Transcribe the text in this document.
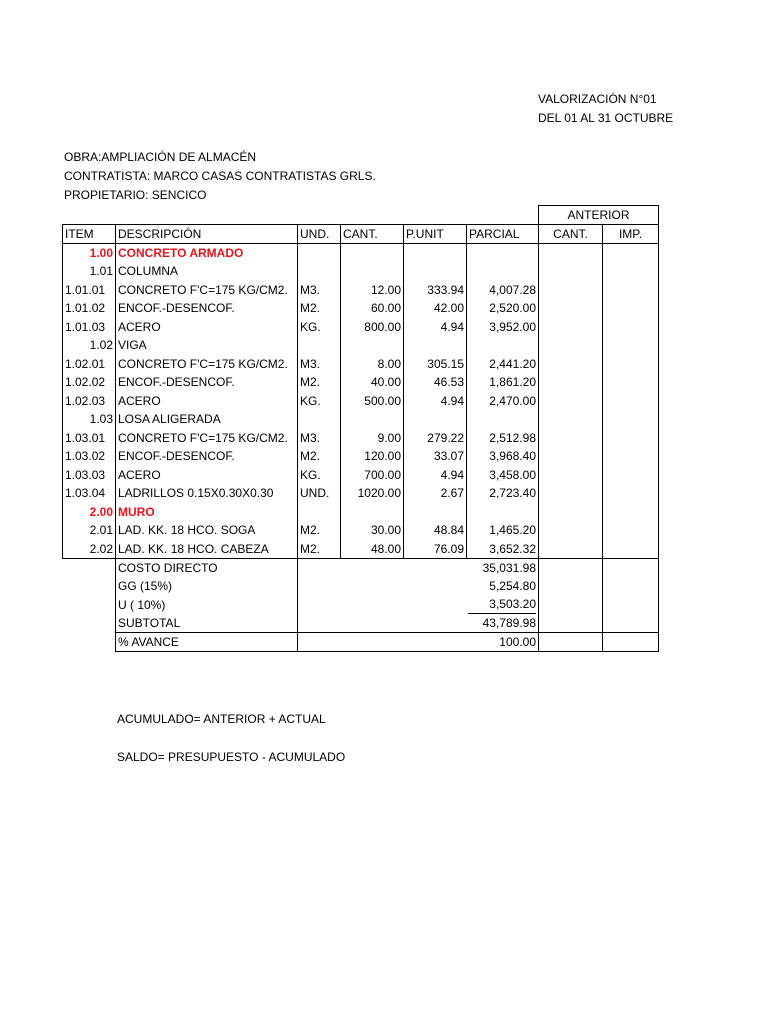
VALORIZACIÓN N°01
DEL 01 AL 31 OCTUBRE
OBRA:AMPLIACIÓN DE ALMACÉN
CONTRATISTA: MARCO CASAS CONTRATISTAS GRLS.
PROPIETARIO: SENCICO
						ANTERIOR	
ITEM	DESCRIPCIÓN	UND.	CANT.	P.UNIT	PARCIAL	CANT.	IMP.
1.00	CONCRETO ARMADO						
1.01	COLUMNA						
1.01.01	CONCRETO F'C=175 KG/CM2.	M3.	12.00	333.94	4,007.28		
1.01.02	ENCOF.-DESENCOF.	M2.	60.00	42.00	2,520.00		
1.01.03	ACERO	KG.	800.00	4.94	3,952.00		
1.02	VIGA						
1.02.01	CONCRETO F'C=175 KG/CM2.	M3.	8.00	305.15	2,441.20		
1.02.02	ENCOF.-DESENCOF.	M2.	40.00	46.53	1,861.20		
1.02.03	ACERO	KG.	500.00	4.94	2,470.00		
1.03	LOSA ALIGERADA						
1.03.01	CONCRETO F'C=175 KG/CM2.	M3.	9.00	279.22	2,512.98		
1.03.02	ENCOF.-DESENCOF.	M2.	120.00	33.07	3,968.40		
1.03.03	ACERO	KG.	700.00	4.94	3,458.00		
1.03.04	LADRILLOS 0.15X0.30X0.30	UND.	1020.00	2.67	2,723.40		
2.00	MURO						
2.01	LAD. KK. 18 HCO. SOGA	M2.	30.00	48.84	1,465.20		
2.02	LAD. KK. 18 HCO. CABEZA	M2.	48.00	76.09	3,652.32		
	COSTO DIRECTO	35,031.98					
	GG (15%)	5,254.80					
	U ( 10%)	3,503.20					
	SUBTOTAL	43,789.98					
	% AVANCE	100.00					
ACUMULADO= ANTERIOR + ACTUAL
SALDO= PRESUPUESTO - ACUMULADO
